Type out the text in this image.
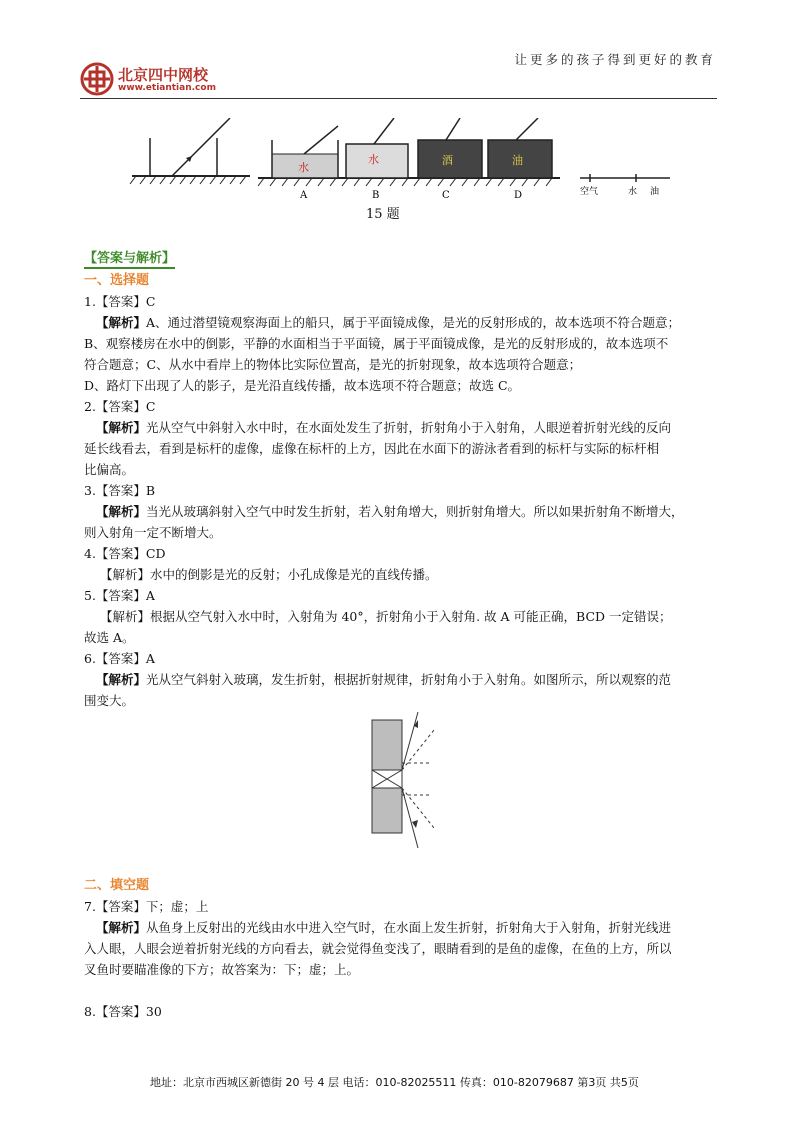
北京四中网校
www.etiantian.com
让更多的孩子得到更好的教育
水
水	酒	油
A	B	C	D	空气	水 油
15 题
【答案与解析】
一、选择题
1.【答案】C
【解析】A、通过潜望镜观察海面上的船只，属于平面镜成像，是光的反射形成的，故本选项不符合题意；
B、观察楼房在水中的倒影，平静的水面相当于平面镜，属于平面镜成像，是光的反射形成的，故本选项不
符合题意；C、从水中看岸上的物体比实际位置高，是光的折射现象，故本选项符合题意；
D、路灯下出现了人的影子，是光沿直线传播，故本选项不符合题意；故选 C。
2.【答案】C
【解析】光从空气中斜射入水中时，在水面处发生了折射，折射角小于入射角，人眼逆着折射光线的反向
延长线看去，看到是标杆的虚像，虚像在标杆的上方，因此在水面下的游泳者看到的标杆与实际的标杆相
比偏高。
3.【答案】B
【解析】当光从玻璃斜射入空气中时发生折射，若入射角增大，则折射角增大。所以如果折射角不断增大，
则入射角一定不断增大。
4.【答案】CD
【解析】水中的倒影是光的反射；小孔成像是光的直线传播。
5.【答案】A
【解析】根据从空气射入水中时，入射角为 40°，折射角小于入射角. 故 A 可能正确，BCD 一定错误；
故选 A。
6.【答案】A
【解析】光从空气斜射入玻璃，发生折射，根据折射规律，折射角小于入射角。如图所示，所以观察的范
围变大。
二、填空题
7.【答案】下；虚；上
【解析】从鱼身上反射出的光线由水中进入空气时，在水面上发生折射，折射角大于入射角，折射光线进
入人眼，人眼会逆着折射光线的方向看去，就会觉得鱼变浅了，眼睛看到的是鱼的虚像，在鱼的上方，所以
叉鱼时要瞄准像的下方；故答案为：下；虚；上。
8.【答案】30
地址：北京市西城区新德街 20 号 4 层 电话：010-82025511 传真：010-82079687 第3页 共5页
